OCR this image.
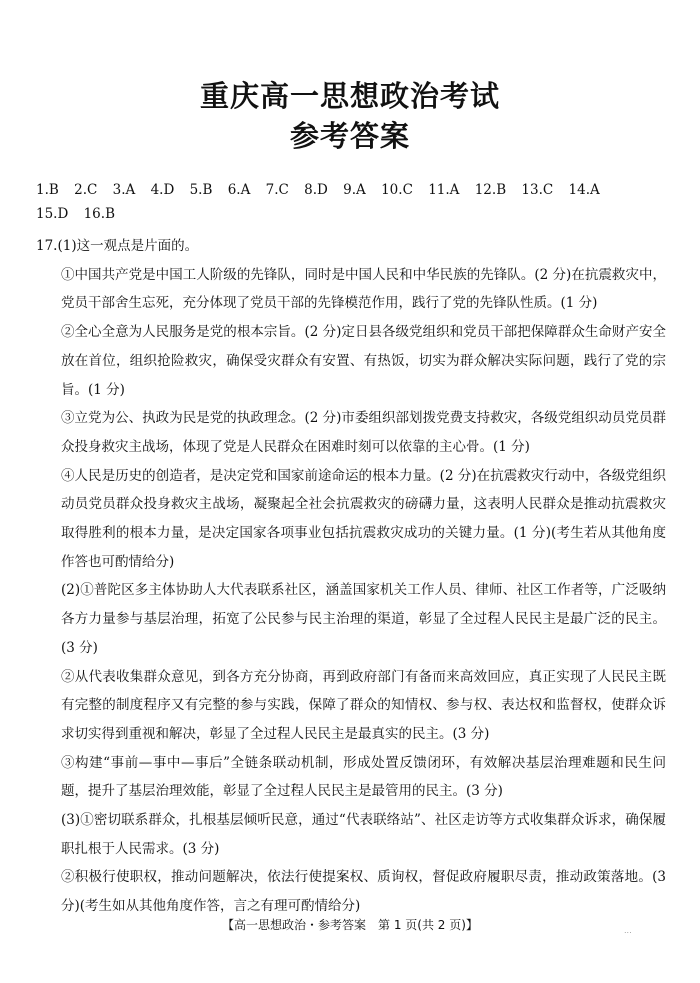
重庆高一思想政治考试
参考答案
1.B 2.C 3.A 4.D 5.B 6.A 7.C 8.D 9.A 10.C 11.A 12.B 13.C 14.A
15.D 16.B

17.(1)这一观点是片面的。

①中国共产党是中国工人阶级的先锋队，同时是中国人民和中华民族的先锋队。(2 分)在抗震救灾中，党员干部舍生忘死，充分体现了党员干部的先锋模范作用，践行了党的先锋队性质。(1 分)

②全心全意为人民服务是党的根本宗旨。(2 分)定日县各级党组织和党员干部把保障群众生命财产安全放在首位，组织抢险救灾，确保受灾群众有安置、有热饭，切实为群众解决实际问题，践行了党的宗旨。(1 分)

③立党为公、执政为民是党的执政理念。(2 分)市委组织部划拨党费支持救灾，各级党组织动员党员群众投身救灾主战场，体现了党是人民群众在困难时刻可以依靠的主心骨。(1 分)

④人民是历史的创造者，是决定党和国家前途命运的根本力量。(2 分)在抗震救灾行动中，各级党组织动员党员群众投身救灾主战场，凝聚起全社会抗震救灾的磅礴力量，这表明人民群众是推动抗震救灾取得胜利的根本力量，是决定国家各项事业包括抗震救灾成功的关键力量。(1 分)(考生若从其他角度作答也可酌情给分)

(2)①普陀区多主体协助人大代表联系社区，涵盖国家机关工作人员、律师、社区工作者等，广泛吸纳各方力量参与基层治理，拓宽了公民参与民主治理的渠道，彰显了全过程人民民主是最广泛的民主。(3 分)

②从代表收集群众意见，到各方充分协商，再到政府部门有备而来高效回应，真正实现了人民民主既有完整的制度程序又有完整的参与实践，保障了群众的知情权、参与权、表达权和监督权，使群众诉求切实得到重视和解决，彰显了全过程人民民主是最真实的民主。(3 分)

③构建“事前—事中—事后”全链条联动机制，形成处置反馈闭环，有效解决基层治理难题和民生问题，提升了基层治理效能，彰显了全过程人民民主是最管用的民主。(3 分)

(3)①密切联系群众，扎根基层倾听民意，通过“代表联络站”、社区走访等方式收集群众诉求，确保履职扎根于人民需求。(3 分)

②积极行使职权，推动问题解决，依法行使提案权、质询权，督促政府履职尽责，推动政策落地。(3 分)(考生如从其他角度作答，言之有理可酌情给分)

【高一思想政治・参考答案　第 1 页(共 2 页)】	...
